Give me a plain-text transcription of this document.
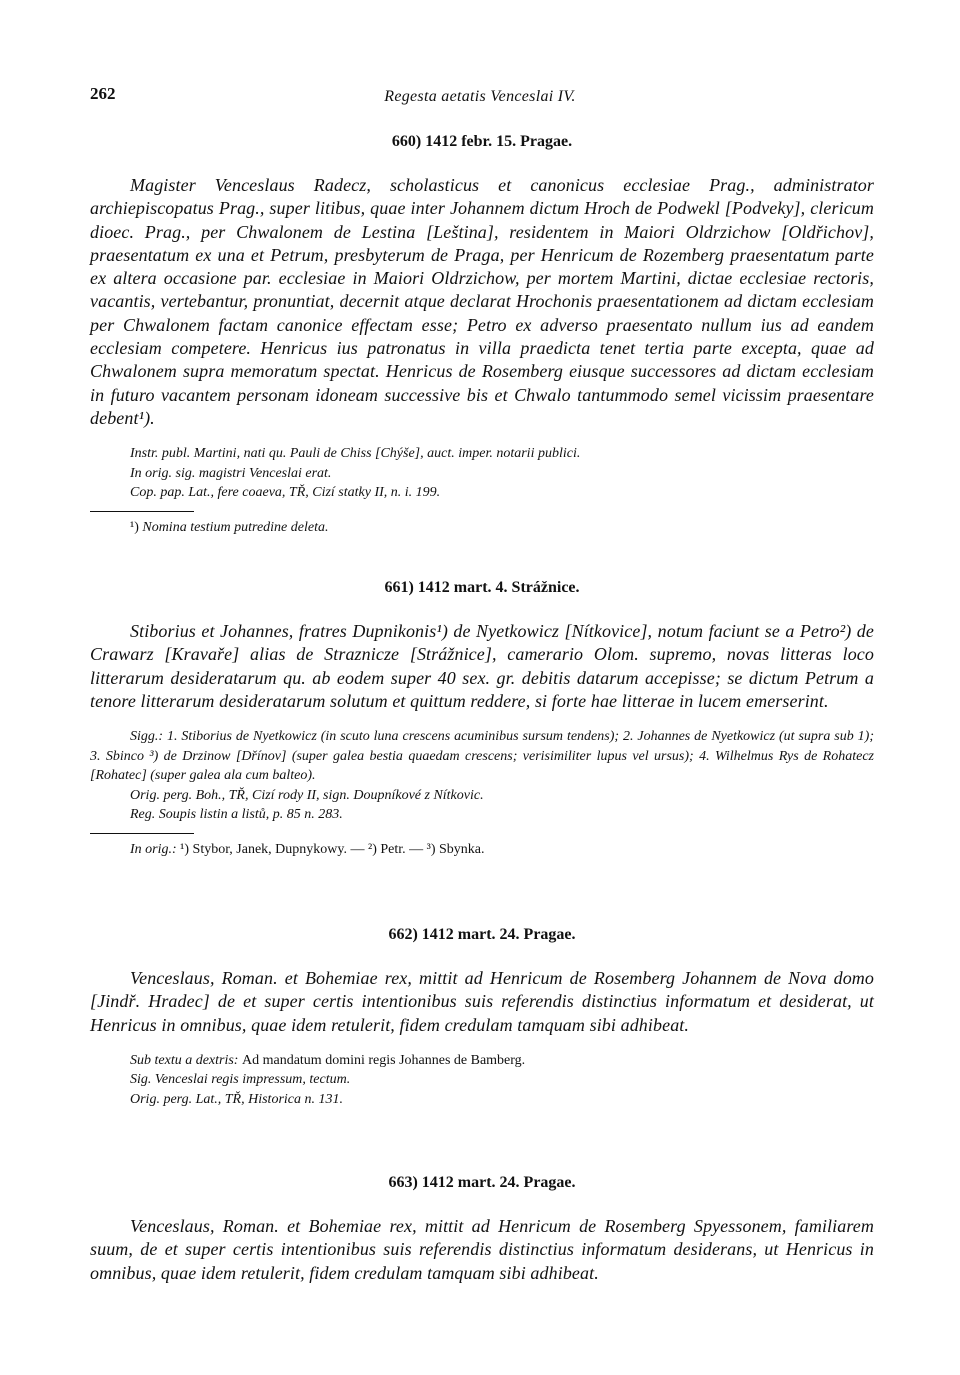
262	Regesta aetatis Venceslai IV.
660) 1412 febr. 15. Pragae.

Magister Venceslaus Radecz, scholasticus et canonicus ecclesiae Prag., administrator archiepiscopatus Prag., super litibus, quae inter Johannem dictum Hroch de Podwekl [Podveky], clericum dioec. Prag., per Chwalonem de Lestina [Leština], residentem in Maiori Oldrzichow [Oldřichov], praesentatum ex una et Petrum, presbyterum de Praga, per Henricum de Rozemberg praesentatum parte ex altera occasione par. ecclesiae in Maiori Oldrzichow, per mortem Martini, dictae ecclesiae rectoris, vacantis, vertebantur, pronuntiat, decernit atque declarat Hrochonis praesentationem ad dictam ecclesiam per Chwalonem factam canonice effectam esse; Petro ex adverso praesentato nullum ius ad eandem ecclesiam competere. Henricus ius patronatus in villa praedicta tenet tertia parte excepta, quae ad Chwalonem supra memoratum spectat. Henricus de Rosemberg eiusque successores ad dictam ecclesiam in futuro vacantem personam idoneam successive bis et Chwalo tantummodo semel vicissim praesentare debent¹).

Instr. publ. Martini, nati qu. Pauli de Chiss [Chýše], auct. imper. notarii publici.

In orig. sig. magistri Venceslai erat.

Cop. pap. Lat., fere coaeva, TŘ, Cizí statky II, n. i. 199.

¹) Nomina testium putredine deleta.

661) 1412 mart. 4. Strážnice.

Stiborius et Johannes, fratres Dupnikonis¹) de Nyetkowicz [Nítkovice], notum faciunt se a Petro²) de Crawarz [Kravaře] alias de Straznicze [Strážnice], camerario Olom. supremo, novas litteras loco litterarum desideratarum qu. ab eodem super 40 sex. gr. debitis datarum accepisse; se dictum Petrum a tenore litterarum desideratarum solutum et quittum reddere, si forte hae litterae in lucem emerserint.

Sigg.: 1. Stiborius de Nyetkowicz (in scuto luna crescens acuminibus sursum tendens); 2. Johannes de Nyetkowicz (ut supra sub 1); 3. Sbinco ³) de Drzinow [Dřínov] (super galea bestia quaedam crescens; verisimiliter lupus vel ursus); 4. Wilhelmus Rys de Rohatecz [Rohatec] (super galea ala cum balteo).

Orig. perg. Boh., TŘ, Cizí rody II, sign. Doupníkové z Nítkovic.

Reg. Soupis listin a listů, p. 85 n. 283.

In orig.: ¹) Stybor, Janek, Dupnykowy. — ²) Petr. — ³) Sbynka.

662) 1412 mart. 24. Pragae.

Venceslaus, Roman. et Bohemiae rex, mittit ad Henricum de Rosemberg Johannem de Nova domo [Jindř. Hradec] de et super certis intentionibus suis referendis distinctius informatum et desiderat, ut Henricus in omnibus, quae idem retulerit, fidem credulam tamquam sibi adhibeat.

Sub textu a dextris: Ad mandatum domini regis Johannes de Bamberg.

Sig. Venceslai regis impressum, tectum.

Orig. perg. Lat., TŘ, Historica n. 131.

663) 1412 mart. 24. Pragae.

Venceslaus, Roman. et Bohemiae rex, mittit ad Henricum de Rosemberg Spyessonem, familiarem suum, de et super certis intentionibus suis referendis distinctius informatum desiderans, ut Henricus in omnibus, quae idem retulerit, fidem credulam tamquam sibi adhibeat.
